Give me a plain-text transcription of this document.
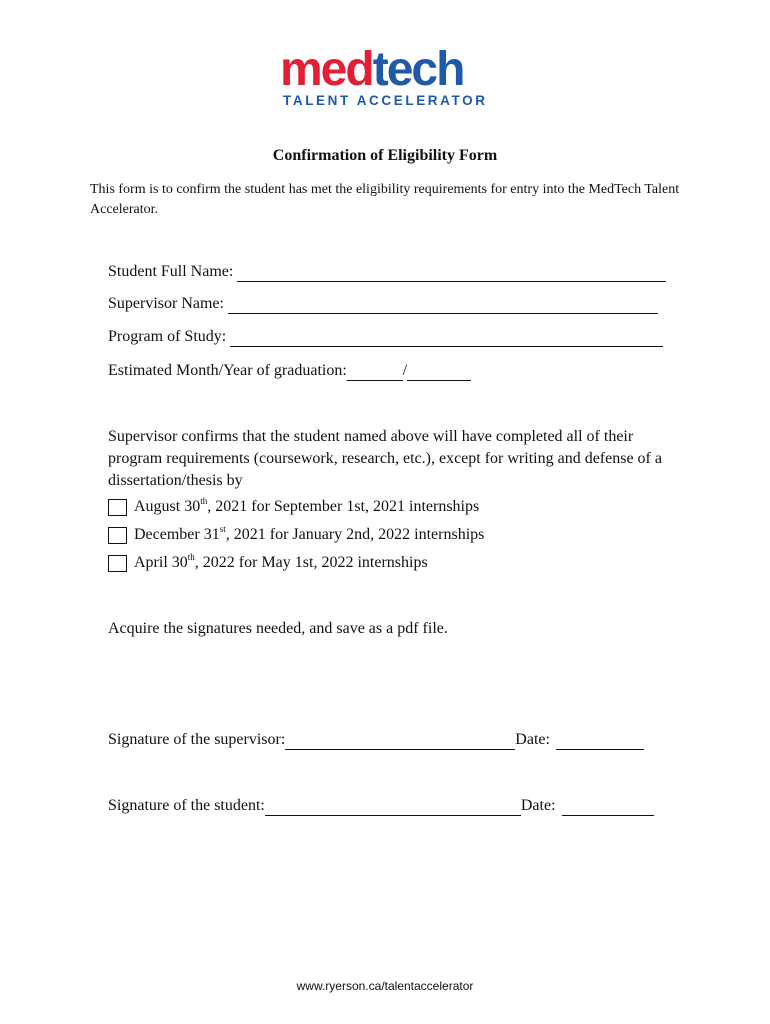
medtech
TALENT ACCELERATOR
Confirmation of Eligibility Form
This form is to confirm the student has met the eligibility requirements for entry into the MedTech Talent Accelerator.
Student Full Name:
Supervisor Name:
Program of Study:
Estimated Month/Year of graduation:	/
Supervisor confirms that the student named above will have completed all of their program requirements (coursework, research, etc.), except for writing and defense of a dissertation/thesis by
August 30th, 2021 for September 1st, 2021 internships
December 31st, 2021 for January 2nd, 2022 internships
April 30th, 2022 for May 1st, 2022 internships
Acquire the signatures needed, and save as a pdf file.
Signature of the supervisor:	Date:
Signature of the student:	Date:
www.ryerson.ca/talentaccelerator
